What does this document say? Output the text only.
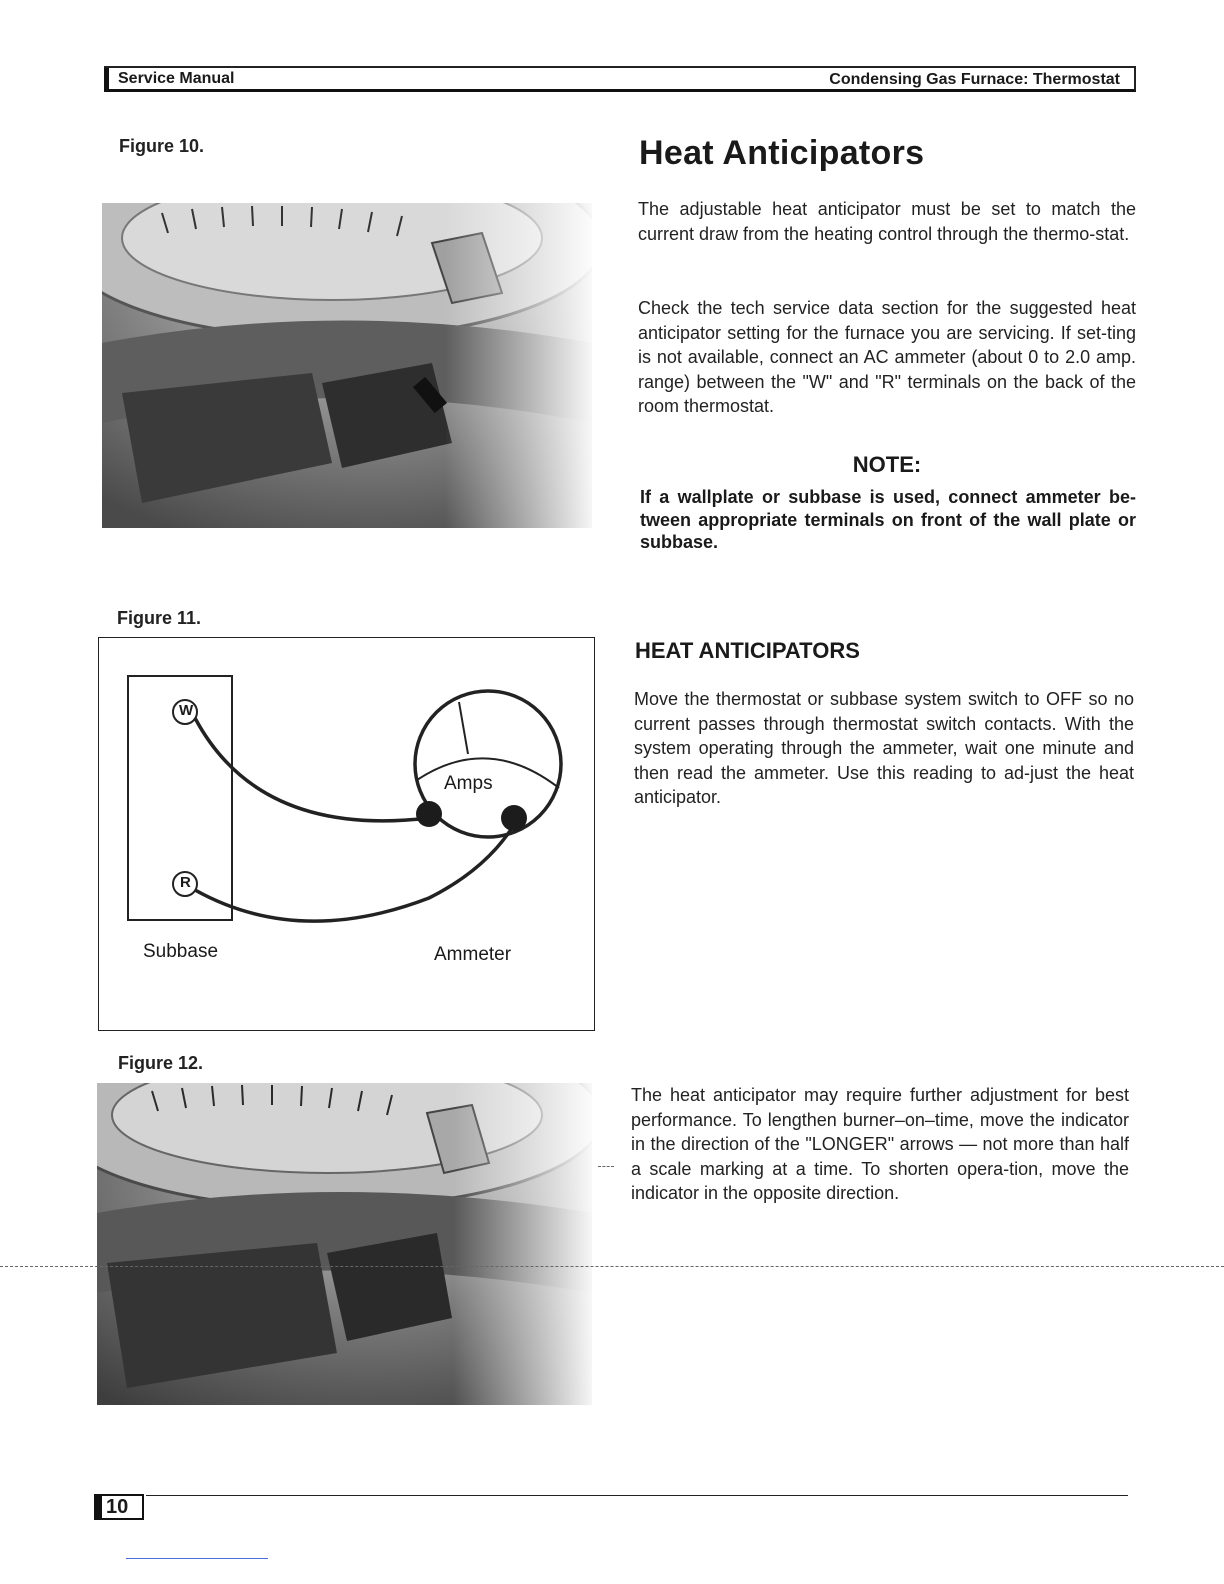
Service Manual	Condensing Gas Furnace: Thermostat
Figure 10.	Heat Anticipators

The adjustable heat anticipator must be set to match the current draw from the heating control through the thermo-stat.

Check the tech service data section for the suggested heat anticipator setting for the furnace you are servicing. If set-ting is not available, connect an AC ammeter (about 0 to 2.0 amp. range) between the "W" and "R" terminals on the back of the room thermostat.

NOTE:

If a wallplate or subbase is used, connect ammeter be-tween appropriate terminals on front of the wall plate or subbase.

Figure 11.
W
R
Amps
Subbase	Ammeter
HEAT ANTICIPATORS

Move the thermostat or subbase system switch to OFF so no current passes through thermostat switch contacts. With the system operating through the ammeter, wait one minute and then read the ammeter. Use this reading to ad-just the heat anticipator.

Figure 12.

The heat anticipator may require further adjustment for best performance. To lengthen burner–on–time, move the indicator in the direction of the "LONGER" arrows — not more than half a scale marking at a time. To shorten opera-tion, move the indicator in the opposite direction.

10
